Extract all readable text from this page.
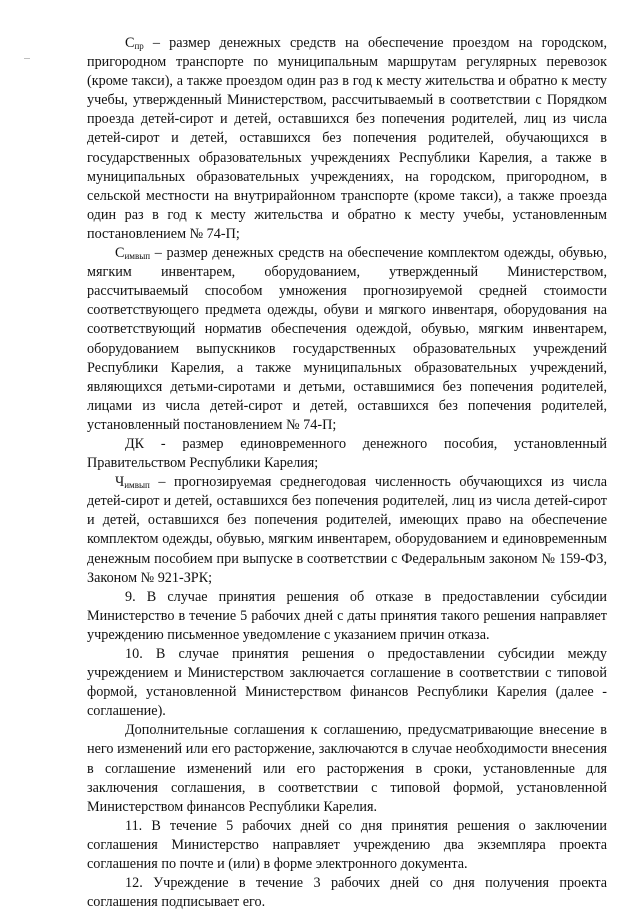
$С_{пр}$ – размер денежных средств на обеспечение проездом на городском, пригородном транспорте по муниципальным маршрутам регулярных перевозок (кроме такси), а также проездом один раз в год к месту жительства и обратно к месту учебы, утвержденный Министерством, рассчитываемый в соответствии с Порядком проезда детей-сирот и детей, оставшихся без попечения родителей, лиц из числа детей-сирот и детей, оставшихся без попечения родителей, обучающихся в государственных образовательных учреждениях Республики Карелия, а также в муниципальных образовательных учреждениях, на городском, пригородном, в сельской местности на внутрирайонном транспорте (кроме такси), а также проезда один раз в год к месту жительства и обратно к месту учебы, установленным постановлением № 74-П;

$С_{имвып}$ – размер денежных средств на обеспечение комплектом одежды, обувью, мягким инвентарем, оборудованием, утвержденный Министерством, рассчитываемый способом умножения прогнозируемой средней стоимости соответствующего предмета одежды, обуви и мягкого инвентаря, оборудования на соответствующий норматив обеспечения одеждой, обувью, мягким инвентарем, оборудованием выпускников государственных образовательных учреждений Республики Карелия, а также муниципальных образовательных учреждений, являющихся детьми-сиротами и детьми, оставшимися без попечения родителей, лицами из числа детей-сирот и детей, оставшихся без попечения родителей, установленный постановлением № 74-П;

ДК - размер единовременного денежного пособия, установленный Правительством Республики Карелия;

$Ч_{имвып}$ – прогнозируемая среднегодовая численность обучающихся из числа детей-сирот и детей, оставшихся без попечения родителей, лиц из числа детей-сирот и детей, оставшихся без попечения родителей, имеющих право на обеспечение комплектом одежды, обувью, мягким инвентарем, оборудованием и единовременным денежным пособием при выпуске в соответствии с Федеральным законом № 159-ФЗ, Законом № 921-ЗРК;

9. В случае принятия решения об отказе в предоставлении субсидии Министерство в течение 5 рабочих дней с даты принятия такого решения направляет учреждению письменное уведомление с указанием причин отказа.

10. В случае принятия решения о предоставлении субсидии между учреждением и Министерством заключается соглашение в соответствии с типовой формой, установленной Министерством финансов Республики Карелия (далее - соглашение).

Дополнительные соглашения к соглашению, предусматривающие внесение в него изменений или его расторжение, заключаются в случае необходимости внесения в соглашение изменений или его расторжения в сроки, установленные для заключения соглашения, в соответствии с типовой формой, установленной Министерством финансов Республики Карелия.

11. В течение 5 рабочих дней со дня принятия решения о заключении соглашения Министерство направляет учреждению два экземпляра проекта соглашения по почте и (или) в форме электронного документа.

12. Учреждение в течение 3 рабочих дней со дня получения проекта соглашения подписывает его.
